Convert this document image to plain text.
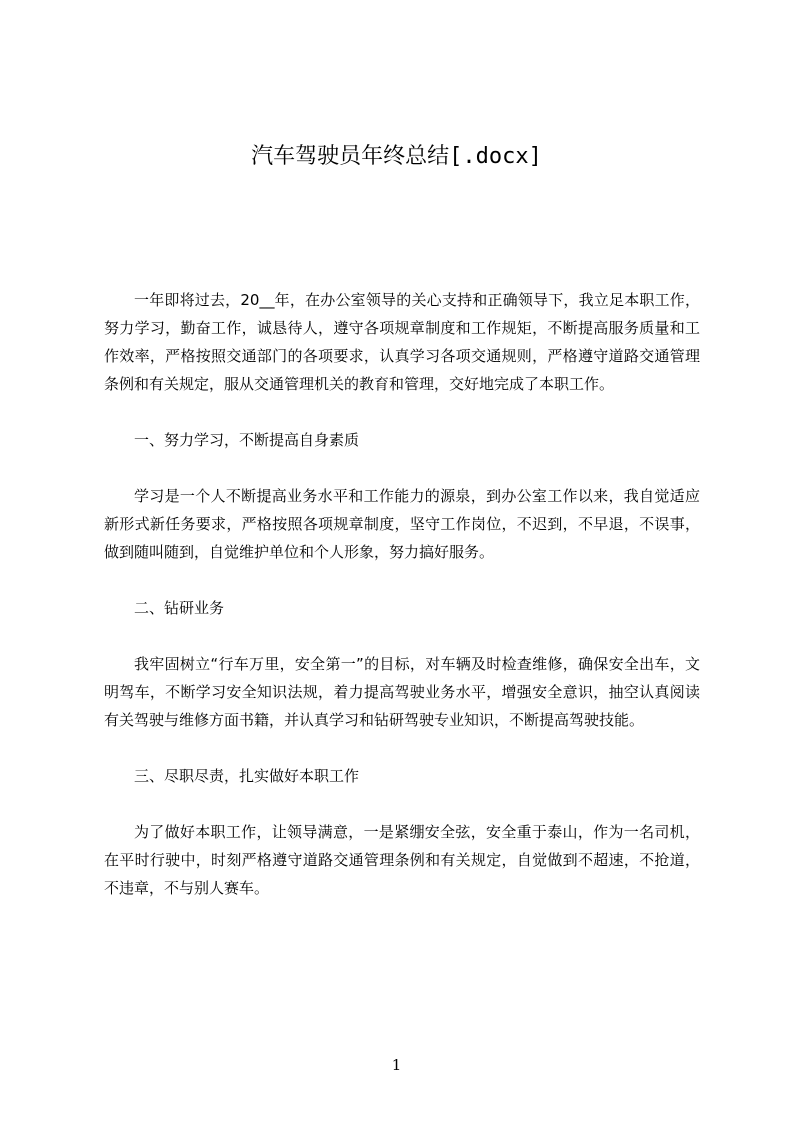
汽车驾驶员年终总结[.docx]

一年即将过去，20__年，在办公室领导的关心支持和正确领导下，我立足本职工作，努力学习，勤奋工作，诚恳待人，遵守各项规章制度和工作规矩，不断提高服务质量和工作效率，严格按照交通部门的各项要求，认真学习各项交通规则，严格遵守道路交通管理条例和有关规定，服从交通管理机关的教育和管理，交好地完成了本职工作。

一、努力学习，不断提高自身素质

学习是一个人不断提高业务水平和工作能力的源泉，到办公室工作以来，我自觉适应新形式新任务要求，严格按照各项规章制度，坚守工作岗位，不迟到，不早退，不误事，做到随叫随到，自觉维护单位和个人形象，努力搞好服务。

二、钻研业务

我牢固树立“行车万里，安全第一”的目标，对车辆及时检查维修，确保安全出车，文明驾车，不断学习安全知识法规，着力提高驾驶业务水平，增强安全意识，抽空认真阅读有关驾驶与维修方面书籍，并认真学习和钻研驾驶专业知识，不断提高驾驶技能。

三、尽职尽责，扎实做好本职工作

为了做好本职工作，让领导满意，一是紧绷安全弦，安全重于泰山，作为一名司机，在平时行驶中，时刻严格遵守道路交通管理条例和有关规定，自觉做到不超速，不抢道，不违章，不与别人赛车。

1
